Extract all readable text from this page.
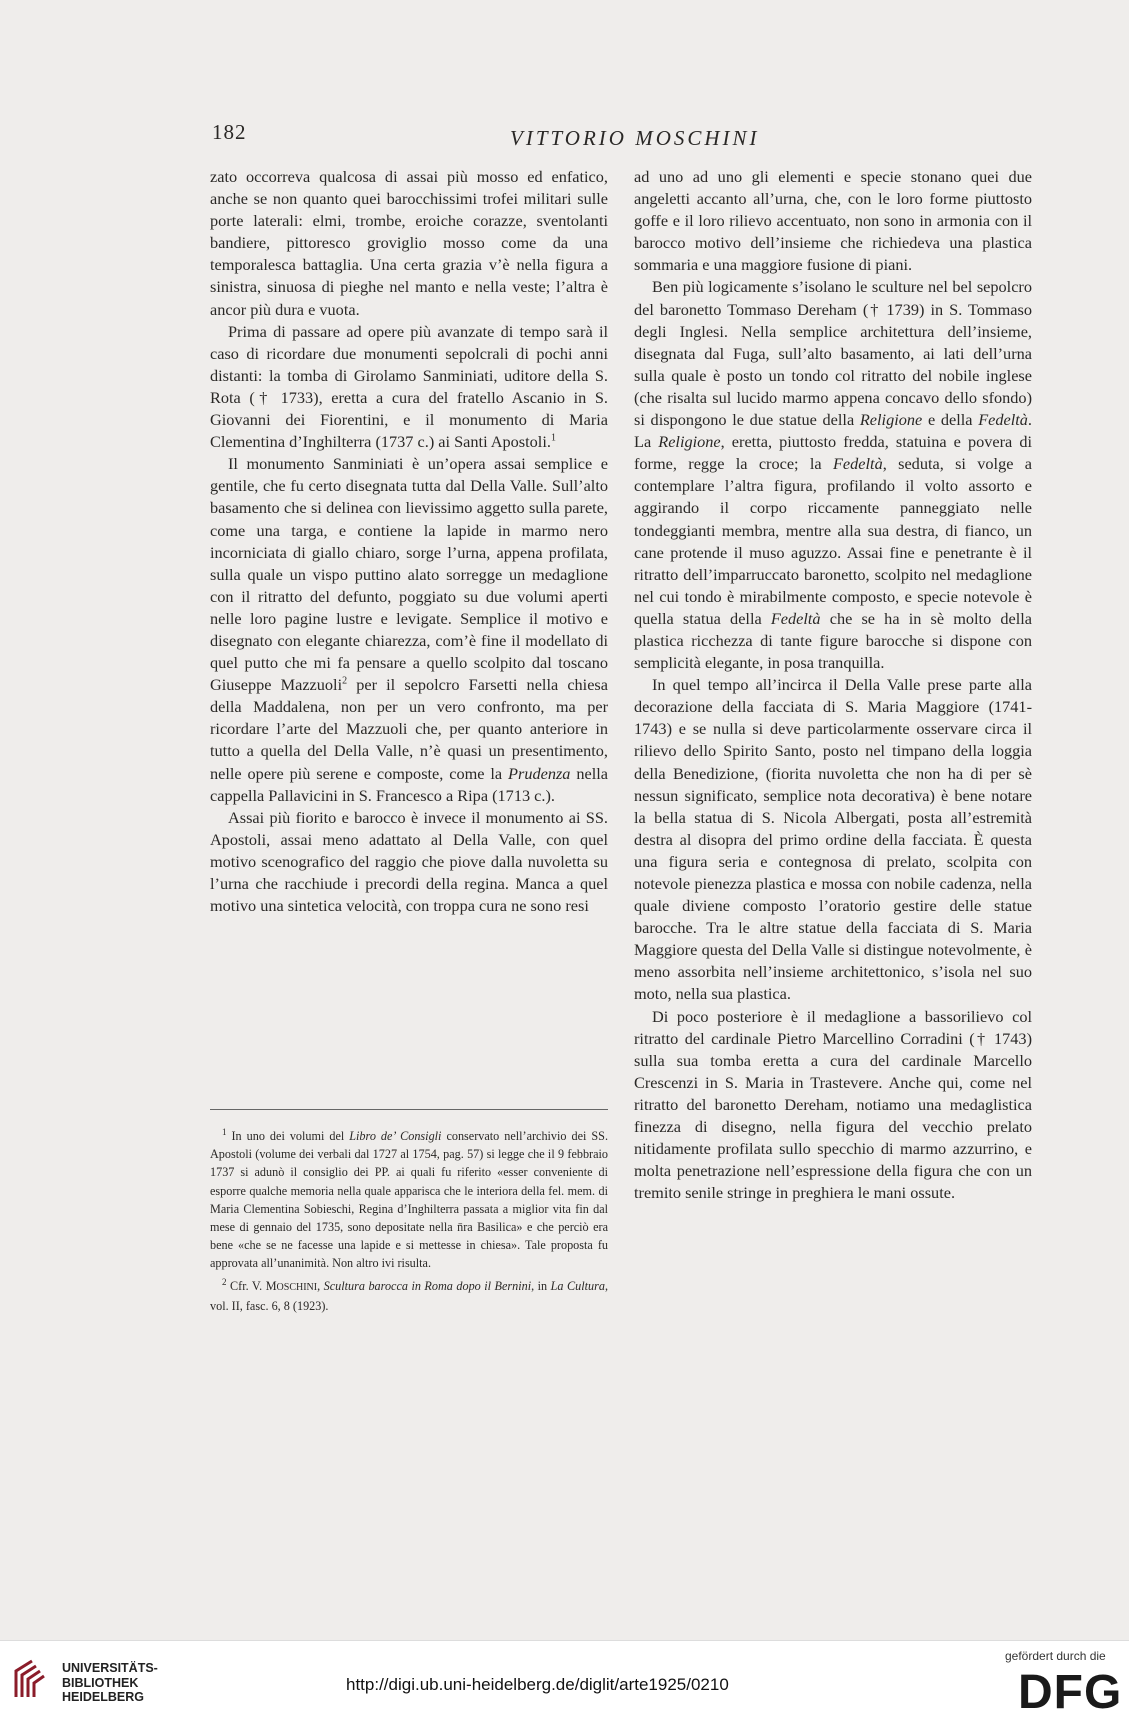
182	VITTORIO MOSCHINI

zato occorreva qualcosa di assai più mosso ed enfatico, anche se non quanto quei barocchissimi trofei militari sulle porte laterali: elmi, trombe, eroiche corazze, sventolanti bandiere, pittoresco groviglio mosso come da una temporalesca battaglia. Una certa grazia v’è nella figura a sinistra, sinuosa di pieghe nel manto e nella veste; l’altra è ancor più dura e vuota.

Prima di passare ad opere più avanzate di tempo sarà il caso di ricordare due monumenti sepolcrali di pochi anni distanti: la tomba di Girolamo Sanminiati, uditore della S. Rota († 1733), eretta a cura del fratello Ascanio in S. Giovanni dei Fiorentini, e il monumento di Maria Clementina d’Inghilterra (1737 c.) ai Santi Apostoli.$^1$

Il monumento Sanminiati è un’opera assai semplice e gentile, che fu certo disegnata tutta dal Della Valle. Sull’alto basamento che si delinea con lievissimo aggetto sulla parete, come una targa, e contiene la lapide in marmo nero incorniciata di giallo chiaro, sorge l’urna, appena profilata, sulla quale un vispo puttino alato sorregge un medaglione con il ritratto del defunto, poggiato su due volumi aperti nelle loro pagine lustre e levigate. Semplice il motivo e disegnato con elegante chiarezza, com’è fine il modellato di quel putto che mi fa pensare a quello scolpito dal toscano Giuseppe Mazzuoli$^2$ per il sepolcro Farsetti nella chiesa della Maddalena, non per un vero confronto, ma per ricordare l’arte del Mazzuoli che, per quanto anteriore in tutto a quella del Della Valle, n’è quasi un presentimento, nelle opere più serene e composte, come la Prudenza nella cappella Pallavicini in S. Francesco a Ripa (1713 c.).

Assai più fiorito e barocco è invece il monumento ai SS. Apostoli, assai meno adattato al Della Valle, con quel motivo scenografico del raggio che piove dalla nuvoletta su l’urna che racchiude i precordi della regina. Manca a quel motivo una sintetica velocità, con troppa cura ne sono resi

ad uno ad uno gli elementi e specie stonano quei due angeletti accanto all’urna, che, con le loro forme piuttosto goffe e il loro rilievo accentuato, non sono in armonia con il barocco motivo dell’insieme che richiedeva una plastica sommaria e una maggiore fusione di piani.

Ben più logicamente s’isolano le sculture nel bel sepolcro del baronetto Tommaso Dereham († 1739) in S. Tommaso degli Inglesi. Nella semplice architettura dell’insieme, disegnata dal Fuga, sull’alto basamento, ai lati dell’urna sulla quale è posto un tondo col ritratto del nobile inglese (che risalta sul lucido marmo appena concavo dello sfondo) si dispongono le due statue della Religione e della Fedeltà. La Religione, eretta, piuttosto fredda, statuina e povera di forme, regge la croce; la Fedeltà, seduta, si volge a contemplare l’altra figura, profilando il volto assorto e aggirando il corpo riccamente panneggiato nelle tondeggianti membra, mentre alla sua destra, di fianco, un cane protende il muso aguzzo. Assai fine e penetrante è il ritratto dell’imparruccato baronetto, scolpito nel medaglione nel cui tondo è mirabilmente composto, e specie notevole è quella statua della Fedeltà che se ha in sè molto della plastica ricchezza di tante figure barocche si dispone con semplicità elegante, in posa tranquilla.

In quel tempo all’incirca il Della Valle prese parte alla decorazione della facciata di S. Maria Maggiore (1741-1743) e se nulla si deve particolarmente osservare circa il rilievo dello Spirito Santo, posto nel timpano della loggia della Benedizione, (fiorita nuvoletta che non ha di per sè nessun significato, semplice nota decorativa) è bene notare la bella statua di S. Nicola Albergati, posta all’estremità destra al disopra del primo ordine della facciata. È questa una figura seria e contegnosa di prelato, scolpita con notevole pienezza plastica e mossa con nobile cadenza, nella quale diviene composto l’oratorio gestire delle statue barocche. Tra le altre statue della facciata di S. Maria Maggiore questa del Della Valle si distingue notevolmente, è meno assorbita nell’insieme architettonico, s’isola nel suo moto, nella sua plastica.

Di poco posteriore è il medaglione a bassorilievo col ritratto del cardinale Pietro Marcellino Corradini († 1743) sulla sua tomba eretta a cura del cardinale Marcello Crescenzi in S. Maria in Trastevere. Anche qui, come nel ritratto del baronetto Dereham, notiamo una medaglistica finezza di disegno, nella figura del vecchio prelato nitidamente profilata sullo specchio di marmo azzurrino, e molta penetrazione nell’espressione della figura che con un tremito senile stringe in preghiera le mani ossute.

$^1$ In uno dei volumi del Libro de’ Consigli conservato nell’archivio dei SS. Apostoli (volume dei verbali dal 1727 al 1754, pag. 57) si legge che il 9 febbraio 1737 si adunò il consiglio dei PP. ai quali fu riferito «esser conveniente di esporre qualche memoria nella quale apparisca che le interiora della fel. mem. di Maria Clementina Sobieschi, Regina d’Inghilterra passata a miglior vita fin dal mese di gennaio del 1735, sono depositate nella n̄ra Basilica» e che perciò era bene «che se ne facesse una lapide e si mettesse in chiesa». Tale proposta fu approvata all’unanimità. Non altro ivi risulta.

$^2$ Cfr. V. MOSCHINI, Scultura barocca in Roma dopo il Bernini, in La Cultura, vol. II, fasc. 6, 8 (1923).

UNIVERSITÄTS-
BIBLIOTHEK
HEIDELBERG
http://digi.ub.uni-heidelberg.de/diglit/arte1925/0210
gefördert durch die
DFG
